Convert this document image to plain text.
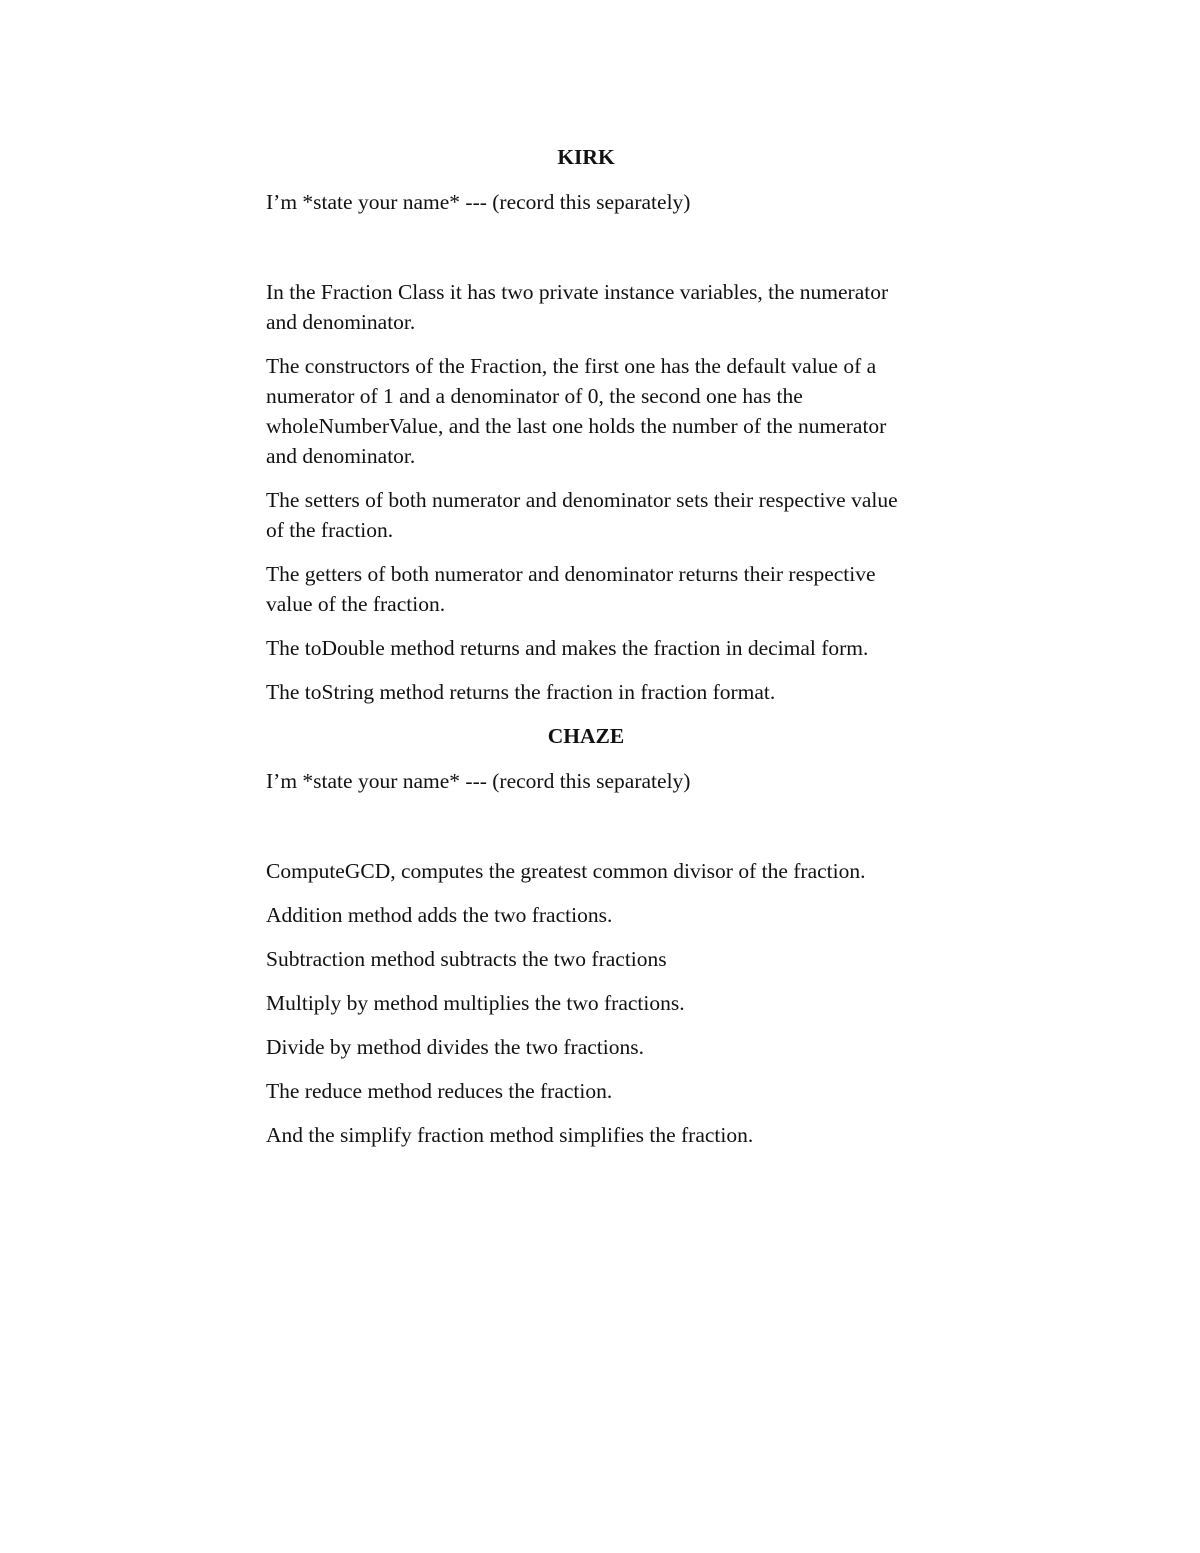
KIRK

I’m *state your name* --- (record this separately)

In the Fraction Class it has two private instance variables, the numerator and denominator.

The constructors of the Fraction, the first one has the default value of a numerator of 1 and a denominator of 0, the second one has the wholeNumberValue, and the last one holds the number of the numerator and denominator.

The setters of both numerator and denominator sets their respective value of the fraction.

The getters of both numerator and denominator returns their respective value of the fraction.

The toDouble method returns and makes the fraction in decimal form.

The toString method returns the fraction in fraction format.

CHAZE

I’m *state your name* --- (record this separately)

ComputeGCD, computes the greatest common divisor of the fraction.

Addition method adds the two fractions.

Subtraction method subtracts the two fractions

Multiply by method multiplies the two fractions.

Divide by method divides the two fractions.

The reduce method reduces the fraction.

And the simplify fraction method simplifies the fraction.
